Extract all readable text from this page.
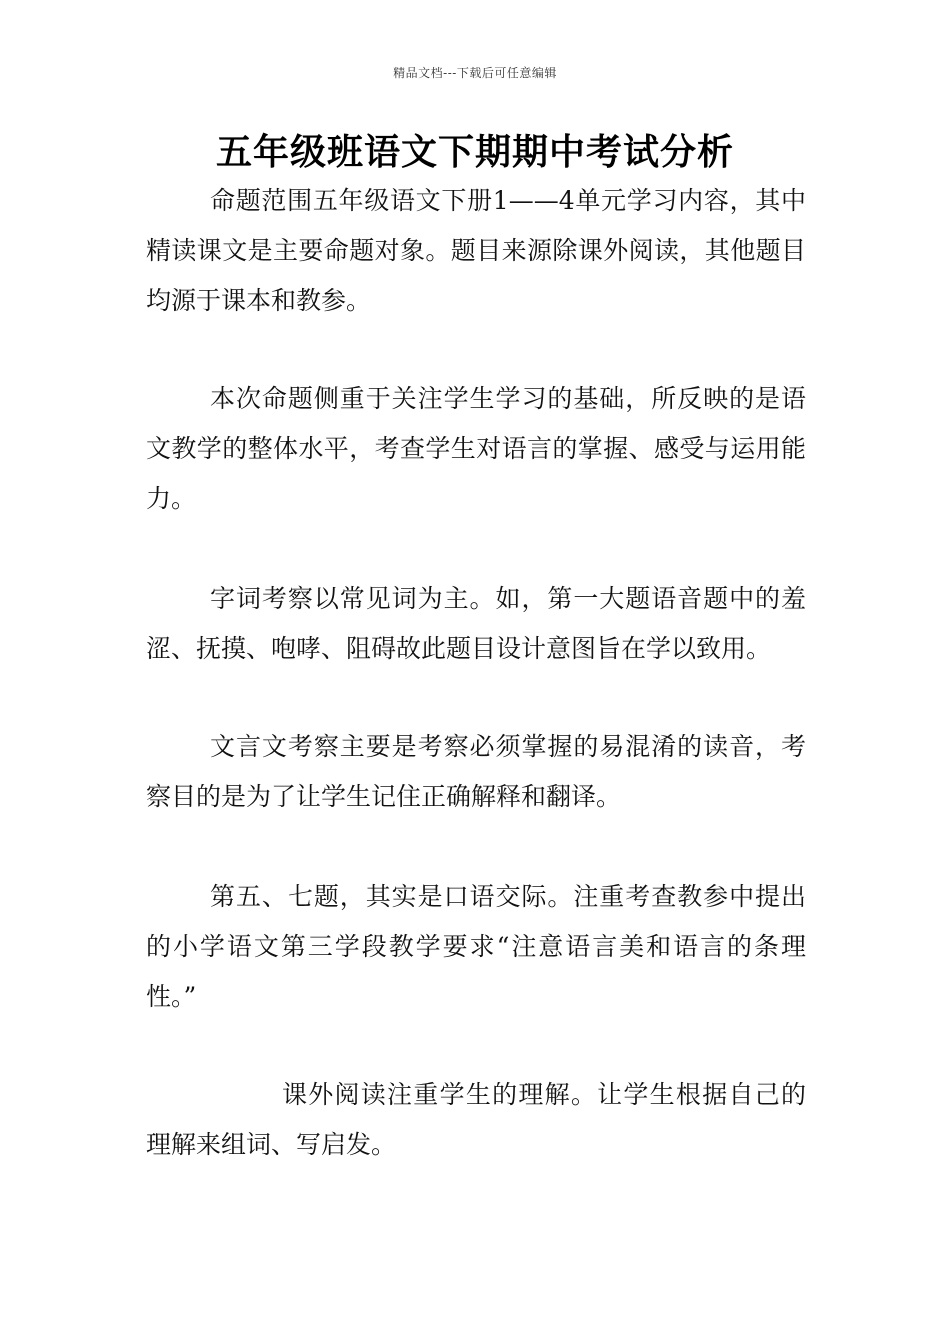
精品文档---下载后可任意编辑
五年级班语文下期期中考试分析

命题范围五年级语文下册1——4单元学习内容，其中精读课文是主要命题对象。题目来源除课外阅读，其他题目均源于课本和教参。

本次命题侧重于关注学生学习的基础，所反映的是语文教学的整体水平，考查学生对语言的掌握、感受与运用能力。

字词考察以常见词为主。如，第一大题语音题中的羞涩、抚摸、咆哮、阻碍故此题目设计意图旨在学以致用。

文言文考察主要是考察必须掌握的易混淆的读音，考察目的是为了让学生记住正确解释和翻译。

第五、七题，其实是口语交际。注重考查教参中提出的小学语文第三学段教学要求“注意语言美和语言的条理性。”

课外阅读注重学生的理解。让学生根据自己的理解来组词、写启发。
